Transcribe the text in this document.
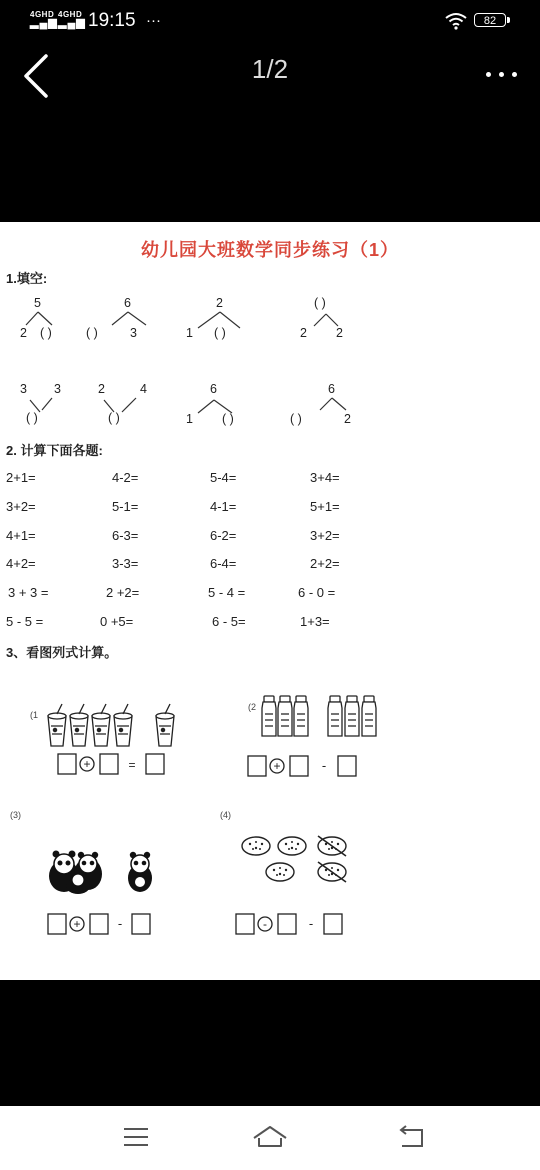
4GHD
▂▄▆
4GHD
▂▄▆ 19:15 ···	82
1/2
幼儿园大班数学同步练习（1）
1.填空:
5
2 ( )
6
( )	3
2
1 ( )
( )
2 2
3 3
( )
2	4
( )
6
1 ( )
6
( )	2
2. 计算下面各题:
2+1=	4-2=	5-4=	3+4=
3+2=	5-1=	4-1=	5+1=
4+1=	6-3=	6-2=	3+2=
4+2=	3-3=	6-4=	2+2=
3 + 3 =	2 +2=	5 - 4 =	6 - 0 =
5 - 5 =	0 +5=	6 - 5=	1+3=
3、看图列式计算。
(1
+	=
(2
+	-
(3)
+	-
(4)
-	-
